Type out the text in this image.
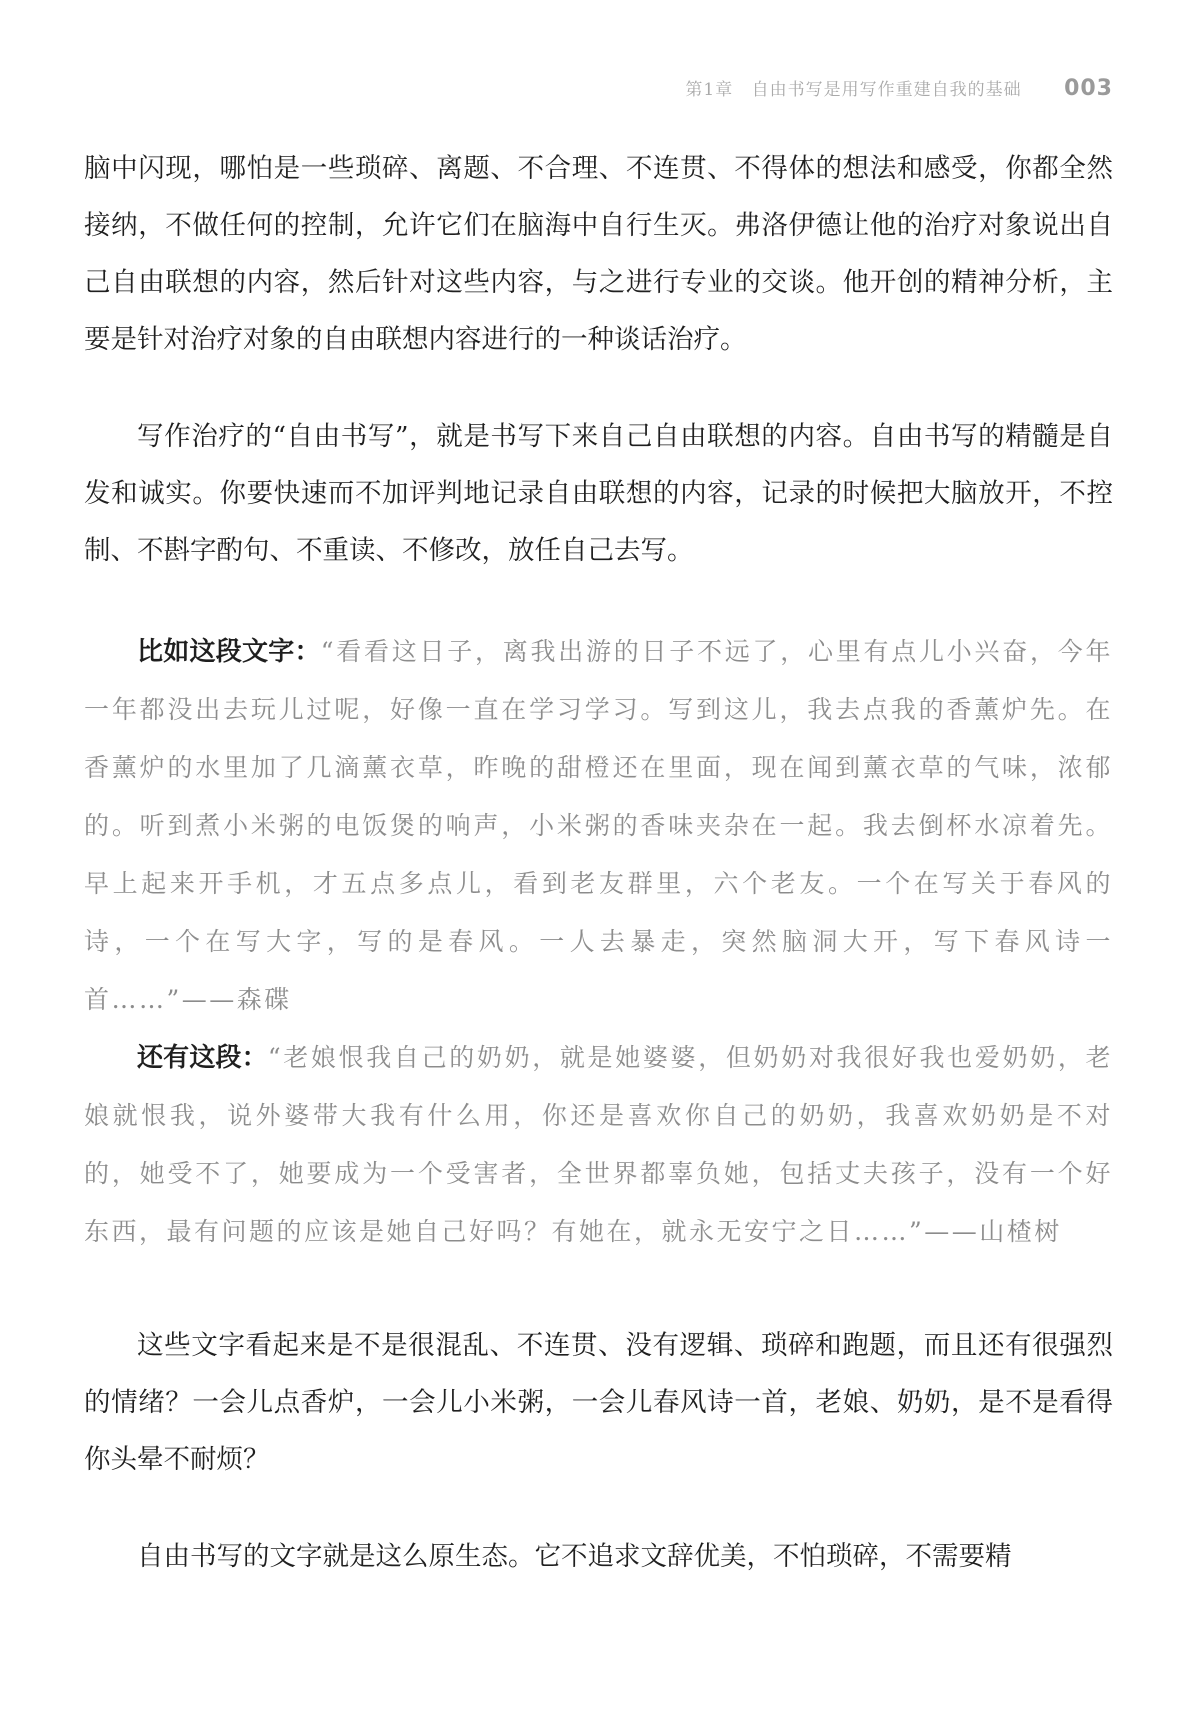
第1章 自由书写是用写作重建自我的基础 003

脑中闪现，哪怕是一些琐碎、离题、不合理、不连贯、不得体的想法和感受，你都全然接纳，不做任何的控制，允许它们在脑海中自行生灭。弗洛伊德让他的治疗对象说出自己自由联想的内容，然后针对这些内容，与之进行专业的交谈。他开创的精神分析，主要是针对治疗对象的自由联想内容进行的一种谈话治疗。

写作治疗的“自由书写”，就是书写下来自己自由联想的内容。自由书写的精髓是自发和诚实。你要快速而不加评判地记录自由联想的内容，记录的时候把大脑放开，不控制、不斟字酌句、不重读、不修改，放任自己去写。

比如这段文字：“看看这日子，离我出游的日子不远了，心里有点儿小兴奋，今年一年都没出去玩儿过呢，好像一直在学习学习。写到这儿，我去点我的香薰炉先。在香薰炉的水里加了几滴薰衣草，昨晚的甜橙还在里面，现在闻到薰衣草的气味，浓郁的。听到煮小米粥的电饭煲的响声，小米粥的香味夹杂在一起。我去倒杯水凉着先。早上起来开手机，才五点多点儿，看到老友群里，六个老友。一个在写关于春风的诗，一个在写大字，写的是春风。一人去暴走，突然脑洞大开，写下春风诗一首……”——森碟

还有这段：“老娘恨我自己的奶奶，就是她婆婆，但奶奶对我很好我也爱奶奶，老娘就恨我，说外婆带大我有什么用，你还是喜欢你自己的奶奶，我喜欢奶奶是不对的，她受不了，她要成为一个受害者，全世界都辜负她，包括丈夫孩子，没有一个好东西，最有问题的应该是她自己好吗？有她在，就永无安宁之日……”——山楂树

这些文字看起来是不是很混乱、不连贯、没有逻辑、琐碎和跑题，而且还有很强烈的情绪？一会儿点香炉，一会儿小米粥，一会儿春风诗一首，老娘、奶奶，是不是看得你头晕不耐烦？

自由书写的文字就是这么原生态。它不追求文辞优美，不怕琐碎，不需要精
